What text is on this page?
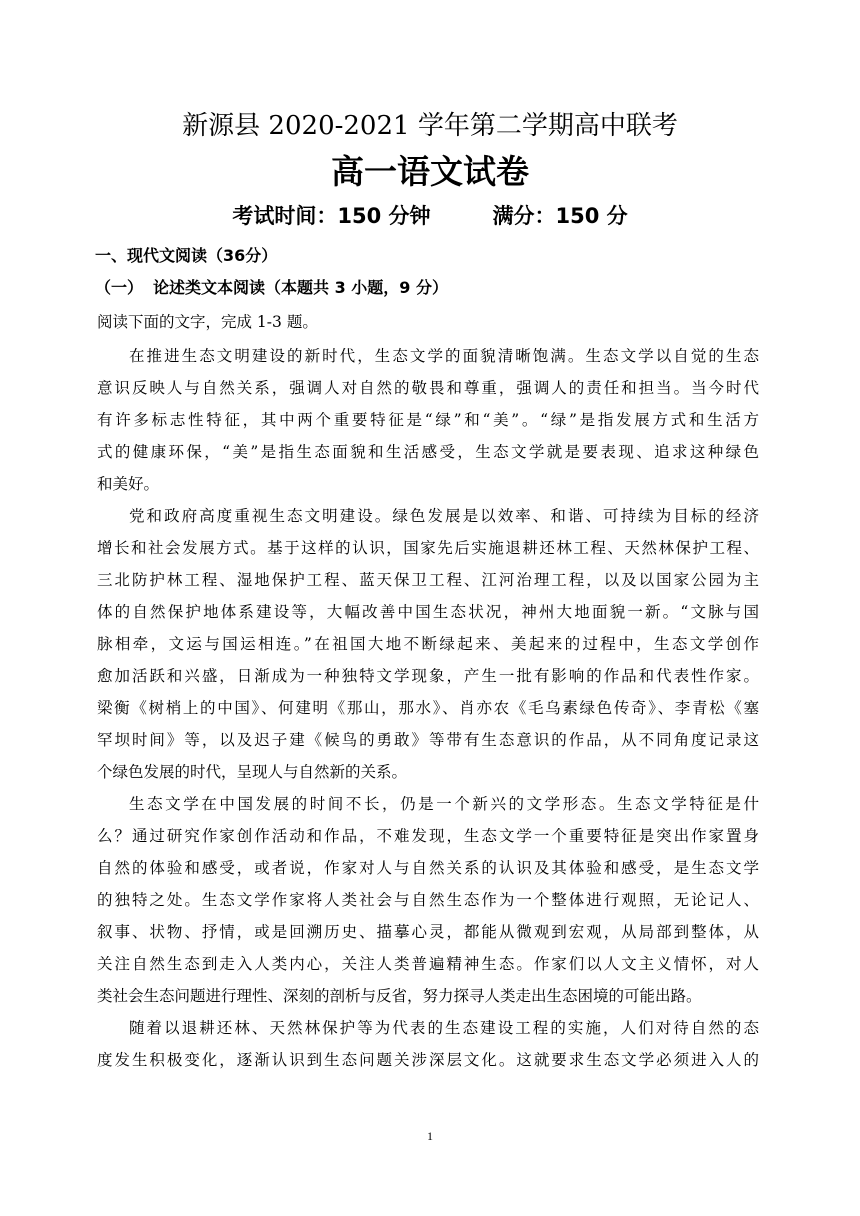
新源县 2020-2021 学年第二学期高中联考
高一语文试卷
考试时间：150 分钟	满分：150 分
一、现代文阅读（36分）
（一） 论述类文本阅读（本题共 3 小题，9 分）
阅读下面的文字，完成 1-3 题。
在推进生态文明建设的新时代，生态文学的面貌清晰饱满。生态文学以自觉的生态
意识反映人与自然关系，强调人对自然的敬畏和尊重，强调人的责任和担当。当今时代
有许多标志性特征，其中两个重要特征是“绿”和“美”。“绿”是指发展方式和生活方
式的健康环保，“美”是指生态面貌和生活感受，生态文学就是要表现、追求这种绿色
和美好。
党和政府高度重视生态文明建设。绿色发展是以效率、和谐、可持续为目标的经济
增长和社会发展方式。基于这样的认识，国家先后实施退耕还林工程、天然林保护工程、
三北防护林工程、湿地保护工程、蓝天保卫工程、江河治理工程，以及以国家公园为主
体的自然保护地体系建设等，大幅改善中国生态状况，神州大地面貌一新。“文脉与国
脉相牵，文运与国运相连。”在祖国大地不断绿起来、美起来的过程中，生态文学创作
愈加活跃和兴盛，日渐成为一种独特文学现象，产生一批有影响的作品和代表性作家。
梁衡《树梢上的中国》、何建明《那山，那水》、肖亦农《毛乌素绿色传奇》、李青松《塞
罕坝时间》等，以及迟子建《候鸟的勇敢》等带有生态意识的作品，从不同角度记录这
个绿色发展的时代，呈现人与自然新的关系。
生态文学在中国发展的时间不长，仍是一个新兴的文学形态。生态文学特征是什
么？通过研究作家创作活动和作品，不难发现，生态文学一个重要特征是突出作家置身
自然的体验和感受，或者说，作家对人与自然关系的认识及其体验和感受，是生态文学
的独特之处。生态文学作家将人类社会与自然生态作为一个整体进行观照，无论记人、
叙事、状物、抒情，或是回溯历史、描摹心灵，都能从微观到宏观，从局部到整体，从
关注自然生态到走入人类内心，关注人类普遍精神生态。作家们以人文主义情怀，对人
类社会生态问题进行理性、深刻的剖析与反省，努力探寻人类走出生态困境的可能出路。
随着以退耕还林、天然林保护等为代表的生态建设工程的实施，人们对待自然的态
度发生积极变化，逐渐认识到生态问题关涉深层文化。这就要求生态文学必须进入人的
1
